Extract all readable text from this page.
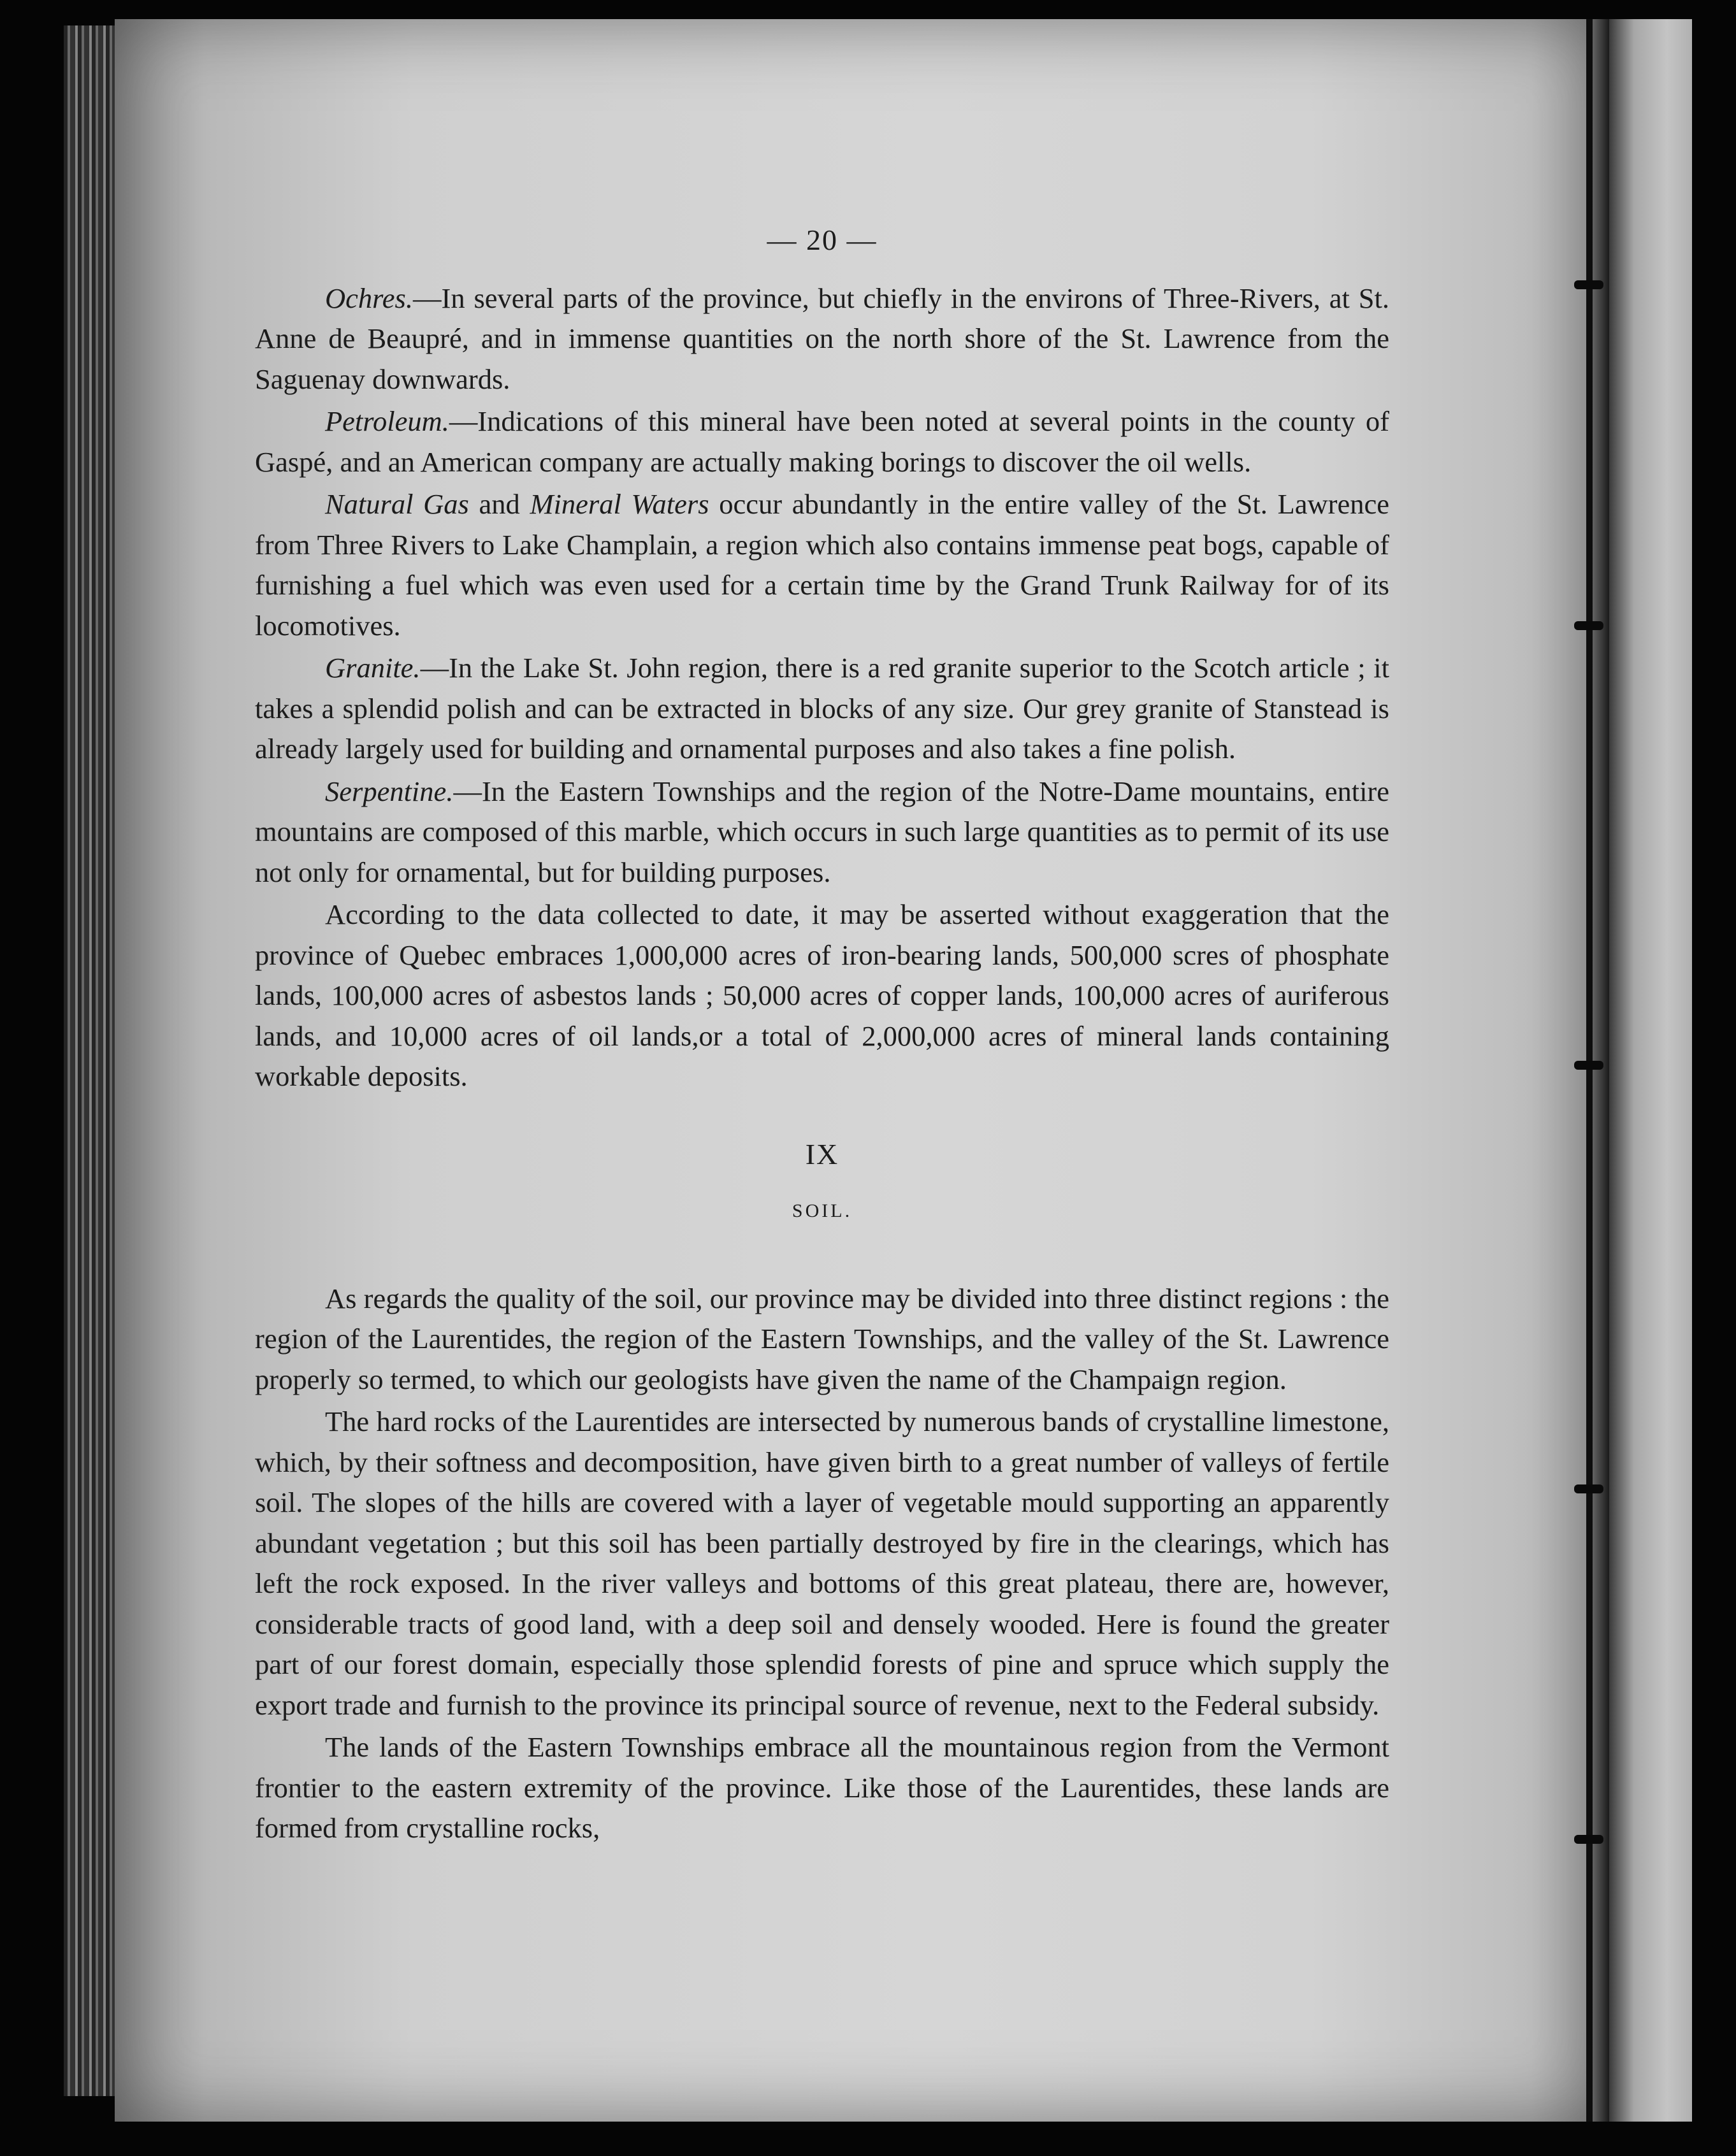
— 20 —

Ochres.—In several parts of the province, but chiefly in the environs of Three-Rivers, at St. Anne de Beaupré, and in immense quantities on the north shore of the St. Lawrence from the Saguenay downwards.

Petroleum.—Indications of this mineral have been noted at several points in the county of Gaspé, and an American company are actually making borings to discover the oil wells.

Natural Gas and Mineral Waters occur abundantly in the entire valley of the St. Lawrence from Three Rivers to Lake Champlain, a region which also contains immense peat bogs, capable of furnishing a fuel which was even used for a certain time by the Grand Trunk Railway for of its locomotives.

Granite.—In the Lake St. John region, there is a red granite superior to the Scotch article ; it takes a splendid polish and can be extracted in blocks of any size. Our grey granite of Stanstead is already largely used for building and ornamental purposes and also takes a fine polish.

Serpentine.—In the Eastern Townships and the region of the Notre-Dame mountains, entire mountains are composed of this marble, which occurs in such large quantities as to permit of its use not only for ornamental, but for building purposes.

According to the data collected to date, it may be asserted without exaggeration that the province of Quebec embraces 1,000,000 acres of iron-bearing lands, 500,000 scres of phosphate lands, 100,000 acres of asbestos lands ; 50,000 acres of copper lands, 100,000 acres of auriferous lands, and 10,000 acres of oil lands,or a total of 2,000,000 acres of mineral lands containing workable deposits.

IX
SOIL.

As regards the quality of the soil, our province may be divided into three distinct regions : the region of the Laurentides, the region of the Eastern Townships, and the valley of the St. Lawrence properly so termed, to which our geologists have given the name of the Champaign region.

The hard rocks of the Laurentides are intersected by numerous bands of crystalline limestone, which, by their softness and decomposition, have given birth to a great number of valleys of fertile soil. The slopes of the hills are covered with a layer of vegetable mould supporting an apparently abundant vegetation ; but this soil has been partially destroyed by fire in the clearings, which has left the rock exposed. In the river valleys and bottoms of this great plateau, there are, however, considerable tracts of good land, with a deep soil and densely wooded. Here is found the greater part of our forest domain, especially those splendid forests of pine and spruce which supply the export trade and furnish to the province its principal source of revenue, next to the Federal subsidy.

The lands of the Eastern Townships embrace all the mountainous region from the Vermont frontier to the eastern extremity of the province. Like those of the Laurentides, these lands are formed from crystalline rocks,
